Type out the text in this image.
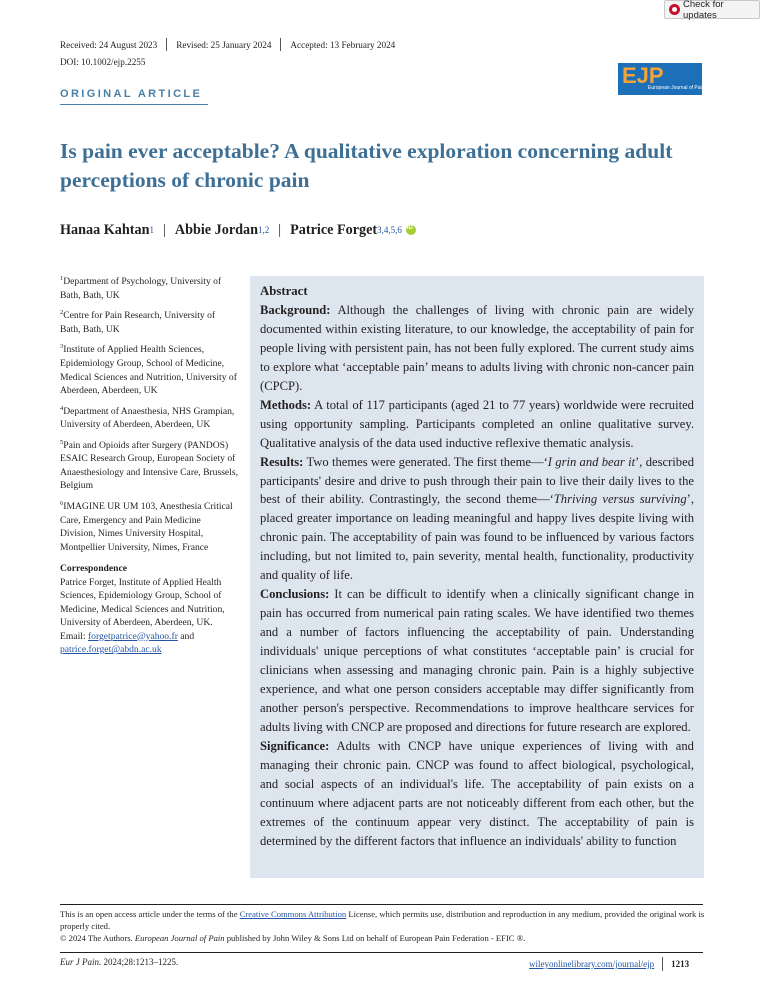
Check for updates
Received: 24 August 2023 Revised: 25 January 2024 Accepted: 13 February 2024
DOI: 10.1002/ejp.2255
EJP
European Journal of Pain
ORIGINAL ARTICLE
Is pain ever acceptable? A qualitative exploration concerning adult perceptions of chronic pain
Hanaa Kahtan$^1$ | Abbie Jordan$^{1,2}$ | Patrice Forget$^{3,4,5,6}$
iD

$^1$Department of Psychology, University of Bath, Bath, UK

$^2$Centre for Pain Research, University of Bath, Bath, UK

$^3$Institute of Applied Health Sciences, Epidemiology Group, School of Medicine, Medical Sciences and Nutrition, University of Aberdeen, Aberdeen, UK

$^4$Department of Anaesthesia, NHS Grampian, University of Aberdeen, Aberdeen, UK

$^5$Pain and Opioids after Surgery (PANDOS) ESAIC Research Group, European Society of Anaesthesiology and Intensive Care, Brussels, Belgium

$^6$IMAGINE UR UM 103, Anesthesia Critical Care, Emergency and Pain Medicine Division, Nimes University Hospital, Montpellier University, Nimes, France

Correspondence

Patrice Forget, Institute of Applied Health Sciences, Epidemiology Group, School of Medicine, Medical Sciences and Nutrition, University of Aberdeen, Aberdeen, UK.
Email: forgetpatrice@yahoo.fr and
patrice.forget@abdn.ac.uk

Abstract

Background: Although the challenges of living with chronic pain are widely documented within existing literature, to our knowledge, the acceptability of pain for people living with persistent pain, has not been fully explored. The current study aims to explore what ‘acceptable pain’ means to adults living with chronic non-cancer pain (CPCP).

Methods: A total of 117 participants (aged 21 to 77 years) worldwide were recruited using opportunity sampling. Participants completed an online qualitative survey. Qualitative analysis of the data used inductive reflexive thematic analysis.

Results: Two themes were generated. The first theme—‘I grin and bear it’, described participants' desire and drive to push through their pain to live their daily lives to the best of their ability. Contrastingly, the second theme—‘Thriving versus surviving’, placed greater importance on leading meaningful and happy lives despite living with chronic pain. The acceptability of pain was found to be influenced by various factors including, but not limited to, pain severity, mental health, functionality, productivity and quality of life.

Conclusions: It can be difficult to identify when a clinically significant change in pain has occurred from numerical pain rating scales. We have identified two themes and a number of factors influencing the acceptability of pain. Understanding individuals' unique perceptions of what constitutes ‘acceptable pain’ is crucial for clinicians when assessing and managing chronic pain. Pain is a highly subjective experience, and what one person considers acceptable may differ significantly from another person's perspective. Recommendations to improve healthcare services for adults living with CNCP are proposed and directions for future research are explored.

Significance: Adults with CNCP have unique experiences of living with and managing their chronic pain. CNCP was found to affect biological, psychological, and social aspects of an individual's life. The acceptability of pain exists on a continuum where adjacent parts are not noticeably different from each other, but the extremes of the continuum appear very distinct. The acceptability of pain is determined by the different factors that influence an individuals' ability to function

This is an open access article under the terms of the Creative Commons Attribution License, which permits use, distribution and reproduction in any medium, provided the original work is properly cited.

© 2024 The Authors. European Journal of Pain published by John Wiley & Sons Ltd on behalf of European Pain Federation - EFIC ®.

Eur J Pain. 2024;28:1213–1225.	wileyonlinelibrary.com/journal/ejp 1213
